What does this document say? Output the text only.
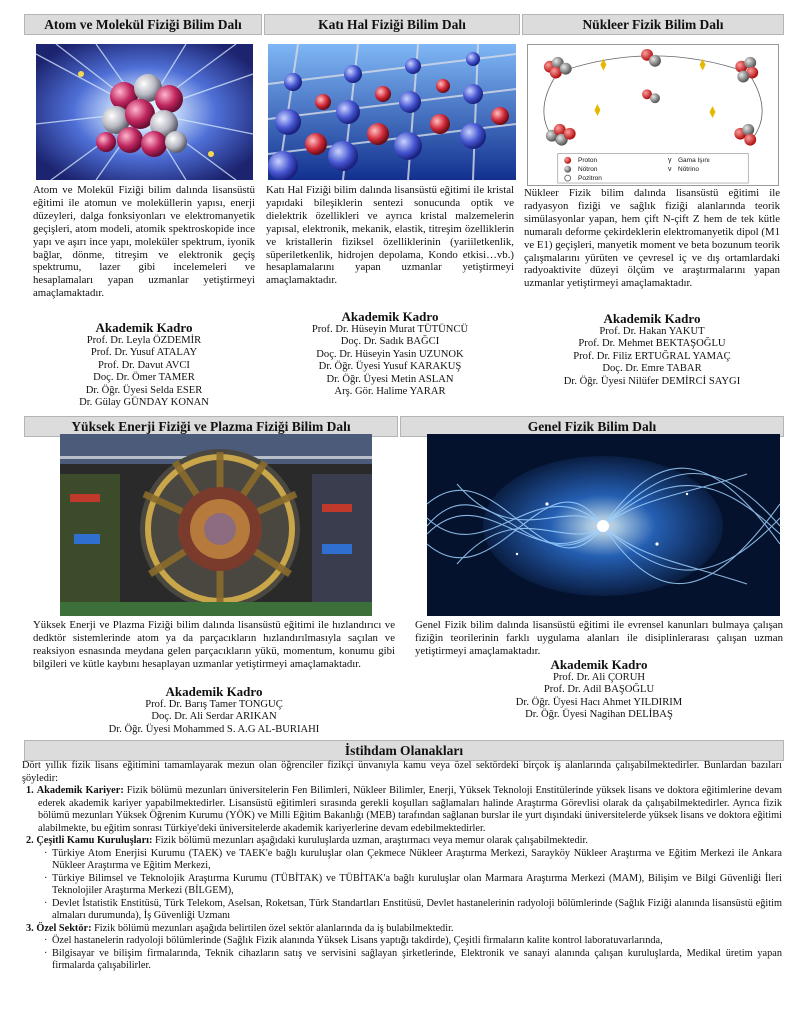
Atom ve Molekül Fiziği Bilim Dalı	Katı Hal Fiziği Bilim Dalı	Nükleer Fizik Bilim Dalı
Proton
Nötron
Pozitron
γ Gama Işını
ν Nötrino
Atom ve Molekül Fiziği bilim dalında lisansüstü eğitimi ile atomun ve moleküllerin yapısı, enerji düzeyleri, dalga fonksiyonları ve elektromanyetik geçişleri, atom modeli, atomik spektroskopide ince yapı ve aşırı ince yapı, moleküler spektrum, iyonik bağlar, dönme, titreşim ve elektronik geçiş spektrumu, lazer gibi incelemeleri ve hesaplamaları yapan uzmanlar yetiştirmeyi amaçlamaktadır.
Akademik Kadro
Prof. Dr. Leyla ÖZDEMİR
Prof. Dr. Yusuf ATALAY
Prof. Dr. Davut AVCI
Doç. Dr. Ömer TAMER
Dr. Öğr. Üyesi Selda ESER
Dr. Gülay GÜNDAY KONAN
Katı Hal Fiziği bilim dalında lisansüstü eğitimi ile kristal yapıdaki bileşiklerin sentezi sonucunda optik ve dielektrik özellikleri ve ayrıca kristal malzemelerin yapısal, elektronik, mekanik, elastik, titreşim özelliklerin ve kristallerin fiziksel özelliklerinin (yariiletkenlik, süperiletkenlik, hidrojen depolama, Kondo etkisi…vb.) hesaplamalarını yapan uzmanlar yetiştirmeyi amaçlamaktadır.
Akademik Kadro
Prof. Dr. Hüseyin Murat TÜTÜNCÜ
Doç. Dr. Sadık BAĞCI
Doç. Dr. Hüseyin Yasin UZUNOK
Dr. Öğr. Üyesi Yusuf KARAKUŞ
Dr. Öğr. Üyesi Metin ASLAN
Arş. Gör. Halime YARAR
Nükleer Fizik bilim dalında lisansüstü eğitimi ile radyasyon fiziği ve sağlık fiziği alanlarında teorik simülasyonlar yapan, hem çift N-çift Z hem de tek kütle numaralı deforme çekirdeklerin elektromanyetik dipol (M1 ve E1) geçişleri, manyetik moment ve beta bozunum teorik çalışmalarını yürüten ve çevresel iç ve dış ortamlardaki radyoaktivite düzeyi ölçüm ve araştırmalarını yapan uzmanlar yetiştirmeyi amaçlamaktadır.
Akademik Kadro
Prof. Dr. Hakan YAKUT
Prof. Dr. Mehmet BEKTAŞOĞLU
Prof. Dr. Filiz ERTUĞRAL YAMAÇ
Doç. Dr. Emre TABAR
Dr. Öğr. Üyesi Nilüfer DEMİRCİ SAYGI
Yüksek Enerji Fiziği ve Plazma Fiziği Bilim Dalı	Genel Fizik Bilim Dalı
Yüksek Enerji ve Plazma Fiziği bilim dalında lisansüstü eğitimi ile hızlandırıcı ve dedktör sistemlerinde atom ya da parçacıkların hızlandırılmasıyla saçılan ve reaksiyon esnasında meydana gelen parçacıkların yükü, momentum, konumu gibi bilgileri ve kütle kaybını hesaplayan uzmanlar yetiştirmeyi amaçlamaktadır.
Akademik Kadro
Prof. Dr. Barış Tamer TONGUÇ
Doç. Dr. Ali Serdar ARIKAN
Dr. Öğr. Üyesi Mohammed S. A.G AL-BURIAHI
Genel Fizik bilim dalında lisansüstü eğitimi ile evrensel kanunları bulmaya çalışan fiziğin teorilerinin farklı uygulama alanları ile disiplinlerarası çalışan uzman yetiştirmeyi amaçlamaktadır.
Akademik Kadro
Prof. Dr. Ali ÇORUH
Prof. Dr. Adil BAŞOĞLU
Dr. Öğr. Üyesi Hacı Ahmet YILDIRIM
Dr. Öğr. Üyesi Nagihan DELİBAŞ
İstihdam Olanakları

Dört yıllık fizik lisans eğitimini tamamlayarak mezun olan öğrenciler fizikçi ünvanıyla kamu veya özel sektördeki birçok iş alanlarında çalışabilmektedirler. Bunlardan bazıları şöyledir:

1. Akademik Kariyer: Fizik bölümü mezunları üniversitelerin Fen Bilimleri, Nükleer Bilimler, Enerji, Yüksek Teknoloji Enstitülerinde yüksek lisans ve doktora eğitimlerine devam ederek akademik kariyer yapabilmektedirler. Lisansüstü eğitimleri sırasında gerekli koşulları sağlamaları halinde Araştırma Görevlisi olarak da çalışabilmektedirler. Ayrıca fizik bölümü mezunları Yüksek Öğrenim Kurumu (YÖK) ve Milli Eğitim Bakanlığı (MEB) tarafından sağlanan burslar ile yurt dışındaki üniversitelerde yüksek lisans ve doktora eğitimi alabilmekte, bu eğitim sonrası Türkiye'deki üniversitelerde akademik kariyerlerine devam edebilmektedirler.

2. Çeşitli Kamu Kuruluşları: Fizik bölümü mezunları aşağıdaki kuruluşlarda uzman, araştırmacı veya memur olarak çalışabilmektedir.

· Türkiye Atom Enerjisi Kurumu (TAEK) ve TAEK'e bağlı kuruluşlar olan Çekmece Nükleer Araştırma Merkezi, Sarayköy Nükleer Araştırma ve Eğitim Merkezi ile Ankara Nükleer Araştırma ve Eğitim Merkezi,
· Türkiye Bilimsel ve Teknolojik Araştırma Kurumu (TÜBİTAK) ve TÜBİTAK'a bağlı kuruluşlar olan Marmara Araştırma Merkezi (MAM), Bilişim ve Bilgi Güvenliği İleri Teknolojiler Araştırma Merkezi (BİLGEM),
· Devlet İstatistik Enstitüsü, Türk Telekom, Aselsan, Roketsan, Türk Standartları Enstitüsü, Devlet hastanelerinin radyoloji bölümlerinde (Sağlık Fiziği alanında lisansüstü eğitim almaları durumunda), İş Güvenliği Uzmanı

3. Özel Sektör: Fizik bölümü mezunları aşağıda belirtilen özel sektör alanlarında da iş bulabilmektedir.

· Özel hastanelerin radyoloji bölümlerinde (Sağlık Fizik alanında Yüksek Lisans yaptığı takdirde), Çeşitli firmaların kalite kontrol laboratuvarlarında,
· Bilgisayar ve bilişim firmalarında, Teknik cihazların satış ve servisini sağlayan şirketlerinde, Elektronik ve sanayi alanında çalışan kuruluşlarda, Medikal üretim yapan firmalarda çalışabilirler.
